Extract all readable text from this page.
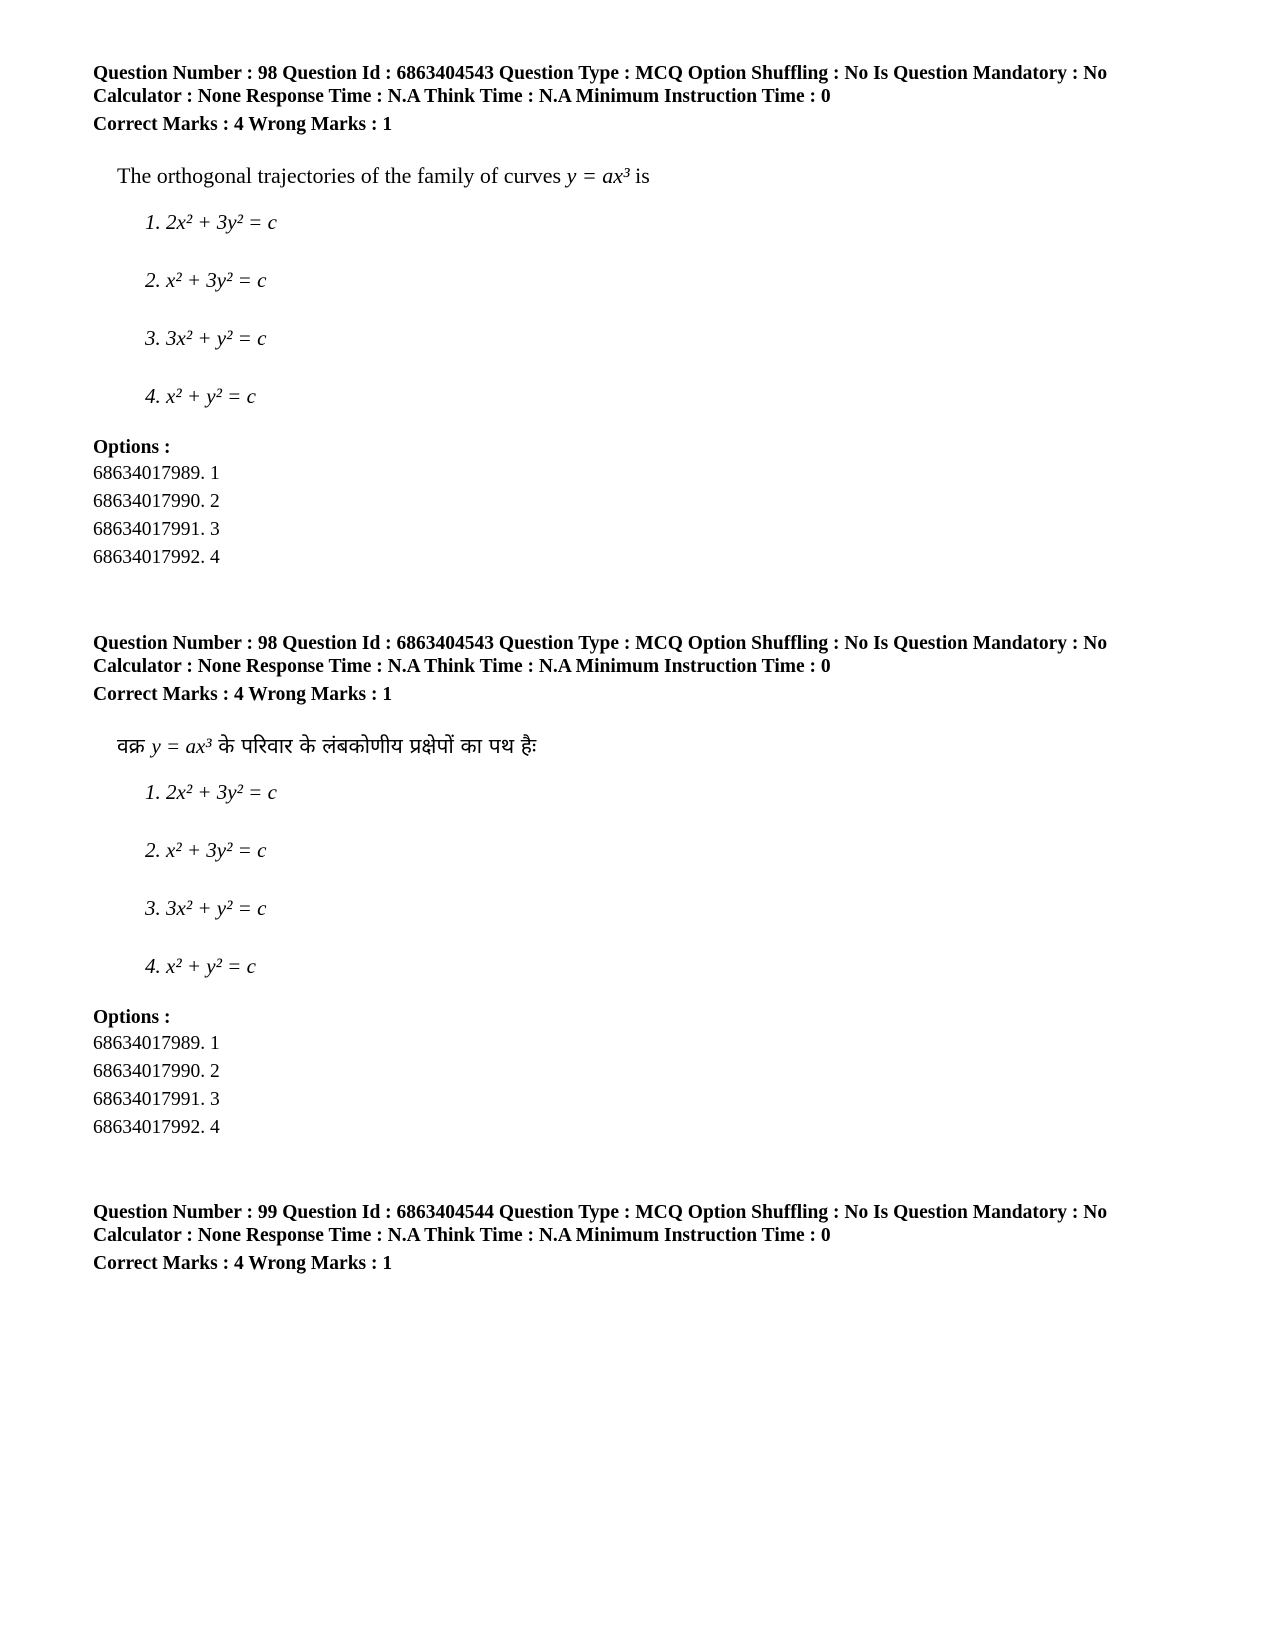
Question Number : 98 Question Id : 6863404543 Question Type : MCQ Option Shuffling : No Is Question Mandatory : No
Calculator : None Response Time : N.A Think Time : N.A Minimum Instruction Time : 0
Correct Marks : 4 Wrong Marks : 1
The orthogonal trajectories of the family of curves y = ax³ is
1. 2x² + 3y² = c
2. x² + 3y² = c
3. 3x² + y² = c
4. x² + y² = c
Options :
68634017989. 1
68634017990. 2
68634017991. 3
68634017992. 4
Question Number : 98 Question Id : 6863404543 Question Type : MCQ Option Shuffling : No Is Question Mandatory : No
Calculator : None Response Time : N.A Think Time : N.A Minimum Instruction Time : 0
Correct Marks : 4 Wrong Marks : 1
वक्र y = ax³ के परिवार के लंबकोणीय प्रक्षेपों का पथ हैः
1. 2x² + 3y² = c
2. x² + 3y² = c
3. 3x² + y² = c
4. x² + y² = c
Options :
68634017989. 1
68634017990. 2
68634017991. 3
68634017992. 4
Question Number : 99 Question Id : 6863404544 Question Type : MCQ Option Shuffling : No Is Question Mandatory : No
Calculator : None Response Time : N.A Think Time : N.A Minimum Instruction Time : 0
Correct Marks : 4 Wrong Marks : 1
